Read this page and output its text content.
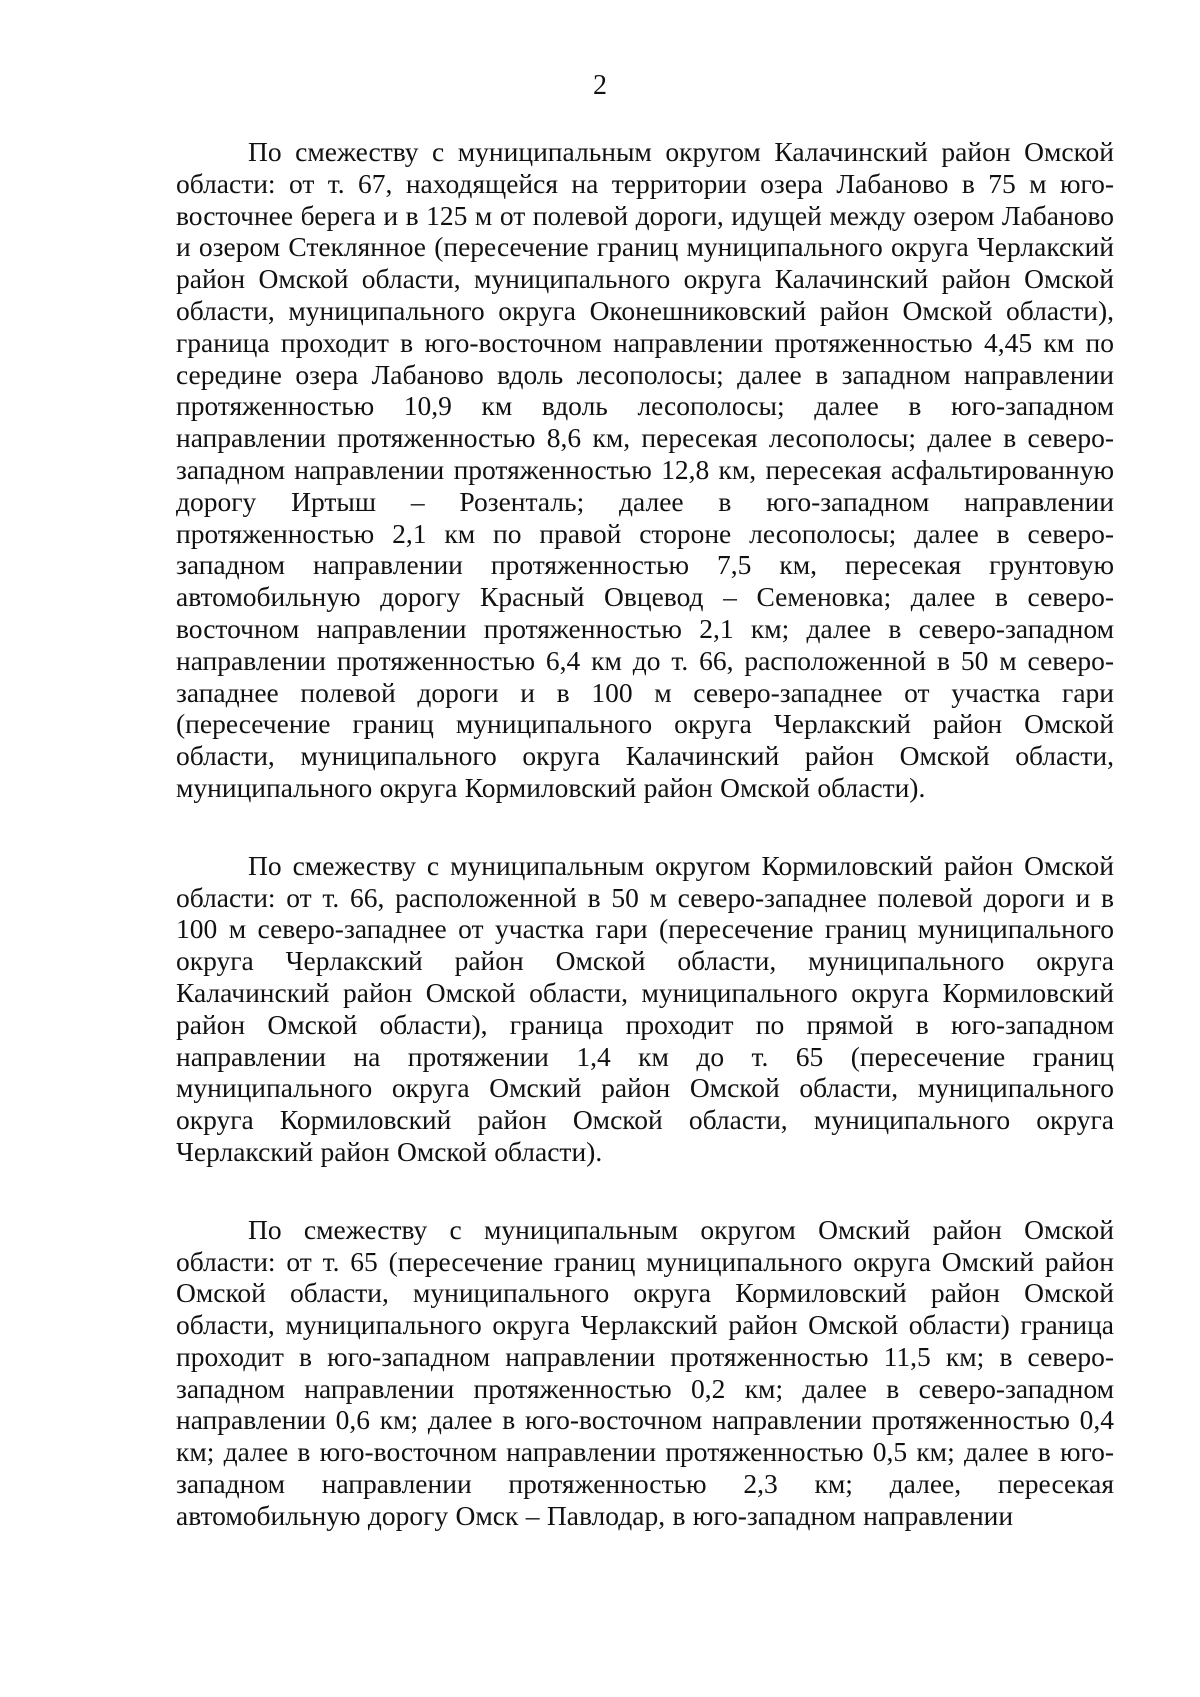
2

По смежеству с муниципальным округом Калачинский район Омской области: от т. 67, находящейся на территории озера Лабаново в 75 м юго-восточнее берега и в 125 м от полевой дороги, идущей между озером Лабаново и озером Стеклянное (пересечение границ муниципального округа Черлакский район Омской области, муниципального округа Калачинский район Омской области, муниципального округа Оконешниковский район Омской области), граница проходит в юго-восточном направлении протяженностью 4,45 км по середине озера Лабаново вдоль лесополосы; далее в западном направлении протяженностью 10,9 км вдоль лесополосы; далее в юго-западном направлении протяженностью 8,6 км, пересекая лесополосы; далее в северо-западном направлении протяженностью 12,8 км, пересекая асфальтированную дорогу Иртыш – Розенталь; далее в юго-западном направлении протяженностью 2,1 км по правой стороне лесополосы; далее в северо-западном направлении протяженностью 7,5 км, пересекая грунтовую автомобильную дорогу Красный Овцевод – Семеновка; далее в северо-восточном направлении протяженностью 2,1 км; далее в северо-западном направлении протяженностью 6,4 км до т. 66, расположенной в 50 м северо-западнее полевой дороги и в 100 м северо-западнее от участка гари (пересечение границ муниципального округа Черлакский район Омской области, муниципального округа Калачинский район Омской области, муниципального округа Кормиловский район Омской области).

По смежеству с муниципальным округом Кормиловский район Омской области: от т. 66, расположенной в 50 м северо-западнее полевой дороги и в 100 м северо-западнее от участка гари (пересечение границ муниципального округа Черлакский район Омской области, муниципального округа Калачинский район Омской области, муниципального округа Кормиловский район Омской области), граница проходит по прямой в юго-западном направлении на протяжении 1,4 км до т. 65 (пересечение границ муниципального округа Омский район Омской области, муниципального округа Кормиловский район Омской области, муниципального округа Черлакский район Омской области).

По смежеству с муниципальным округом Омский район Омской области: от т. 65 (пересечение границ муниципального округа Омский район Омской области, муниципального округа Кормиловский район Омской области, муниципального округа Черлакский район Омской области) граница проходит в юго-западном направлении протяженностью 11,5 км; в северо-западном направлении протяженностью 0,2 км; далее в северо-западном направлении 0,6 км; далее в юго-восточном направлении протяженностью 0,4 км; далее в юго-восточном направлении протяженностью 0,5 км; далее в юго-западном направлении протяженностью 2,3 км; далее, пересекая автомобильную дорогу Омск – Павлодар, в юго-западном направлении
